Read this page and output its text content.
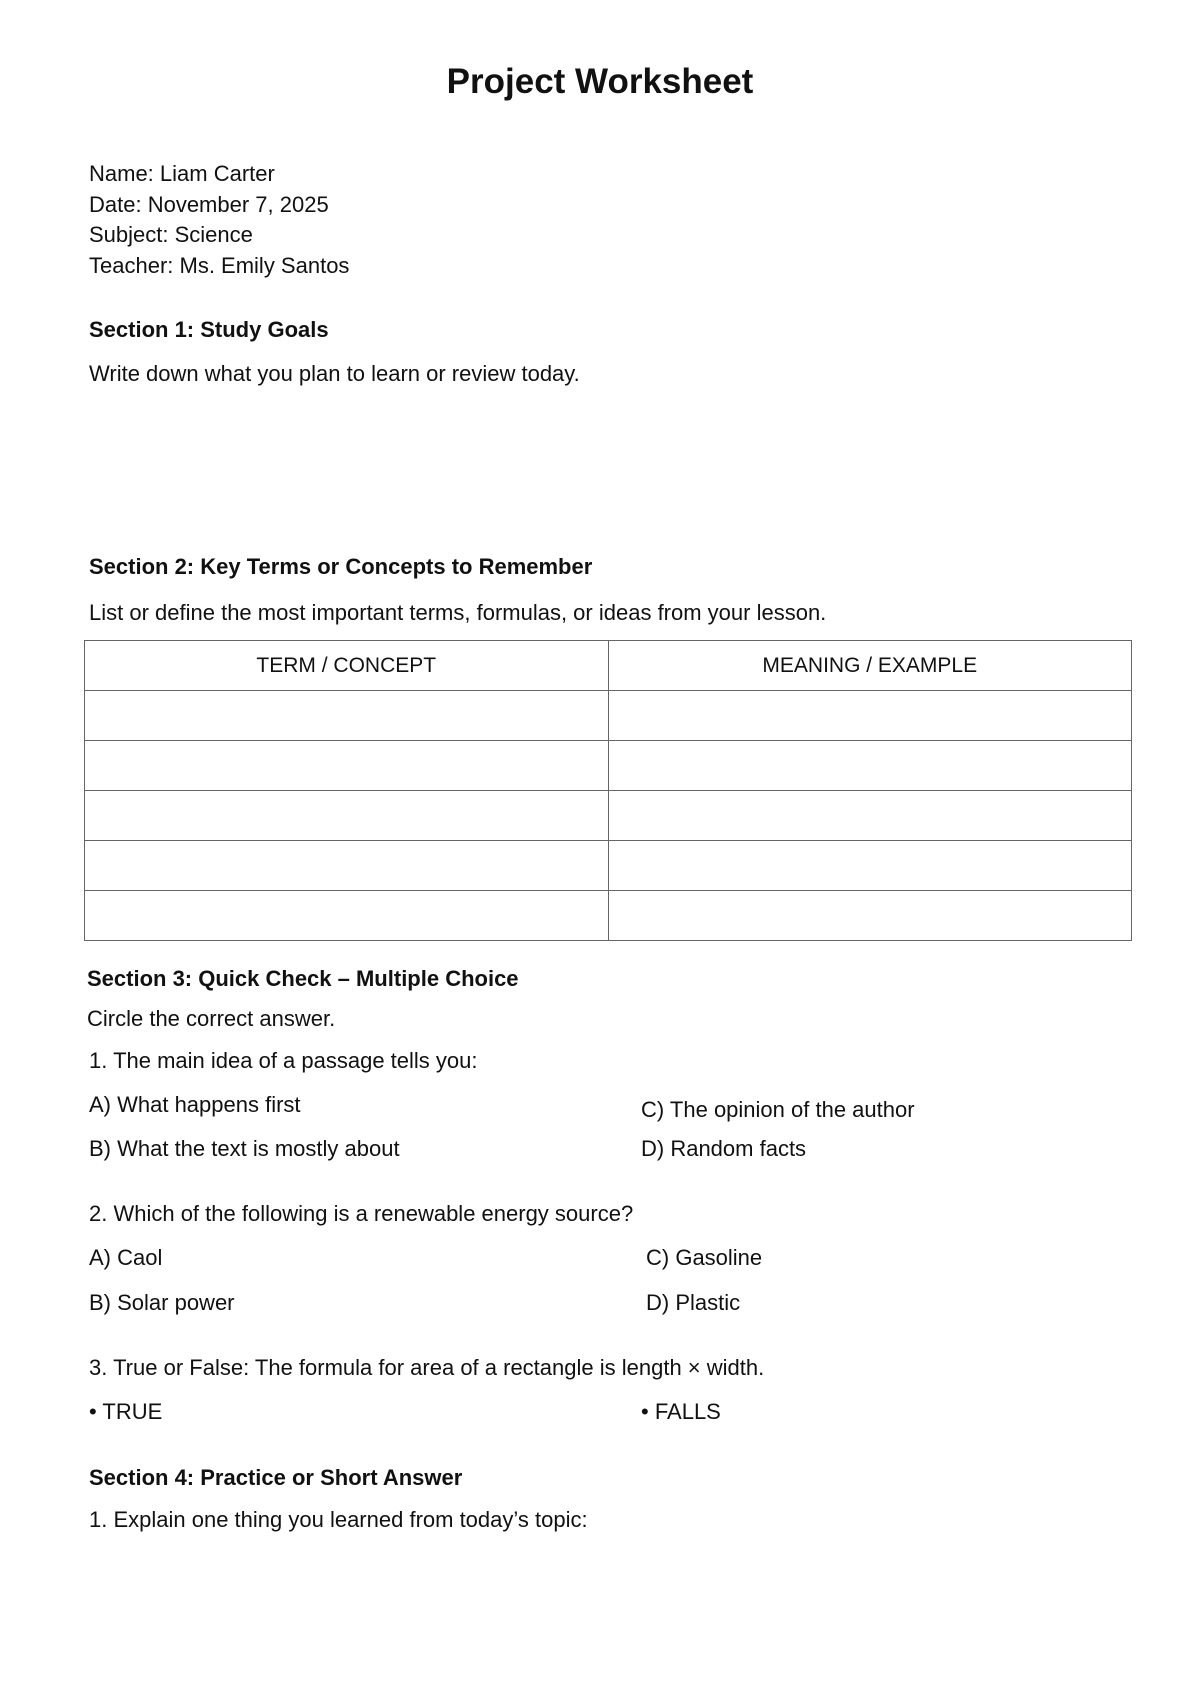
Project Worksheet
Name: Liam Carter
Date: November 7, 2025
Subject: Science
Teacher: Ms. Emily Santos
Section 1: Study Goals
Write down what you plan to learn or review today.
Section 2: Key Terms or Concepts to Remember
List or define the most important terms, formulas, or ideas from your lesson.
TERM / CONCEPT	MEANING / EXAMPLE

Section 3: Quick Check – Multiple Choice
Circle the correct answer.
1. The main idea of a passage tells you:
A) What happens first	C) The opinion of the author
B) What the text is mostly about	D) Random facts
2. Which of the following is a renewable energy source?
A) Caol	C) Gasoline
B) Solar power	D) Plastic
3. True or False: The formula for area of a rectangle is length × width.
• TRUE	• FALLS
Section 4: Practice or Short Answer
1. Explain one thing you learned from today’s topic:
